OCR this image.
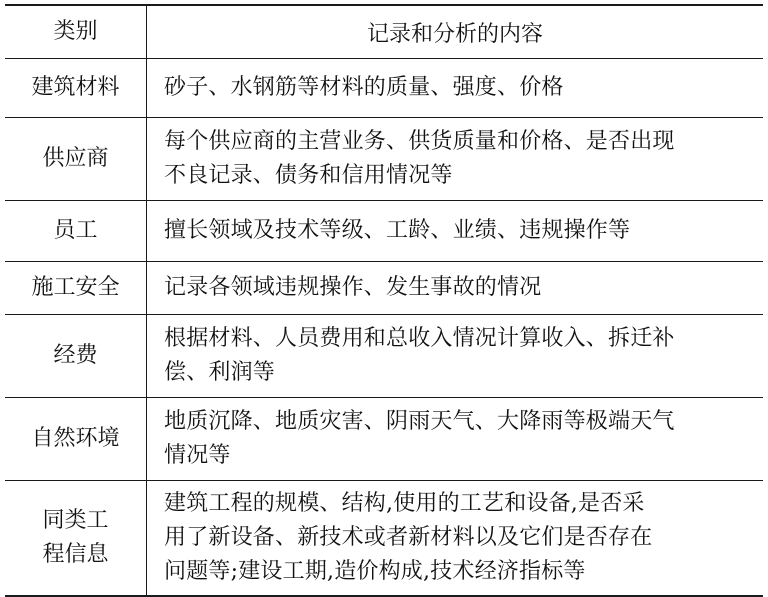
类别	记录和分析的内容

建筑材料	砂子、水钢筋等材料的质量、强度、价格

供应商	每个供应商的主营业务、供货质量和价格、是否出现
不良记录、债务和信用情况等

员工	擅长领域及技术等级、工龄、业绩、违规操作等

施工安全	记录各领域违规操作、发生事故的情况

经费	根据材料、人员费用和总收入情况计算收入、拆迁补
偿、利润等

自然环境	地质沉降、地质灾害、阴雨天气、大降雨等极端天气
情况等

同类工
程信息	建筑工程的规模、结构,使用的工艺和设备,是否采
用了新设备、新技术或者新材料以及它们是否存在
问题等;建设工期,造价构成,技术经济指标等
